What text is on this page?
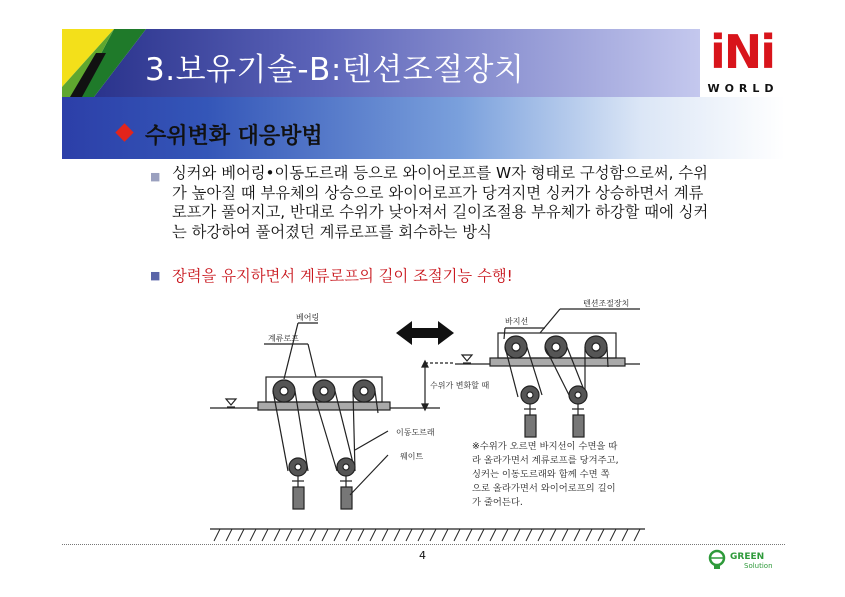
3.보유기술-B:텐션조절장치	iNi
WORLD
수위변화 대응방법
■ 싱커와 베어링•이동도르래 등으로 와이어로프를 W자 형태로 구성함으로써, 수위가 높아질 때 부유체의 상승으로 와이어로프가 당겨지면 싱커가 상승하면서 계류로프가 풀어지고, 반대로 수위가 낮아져서 길이조절용 부유체가 하강할 때에 싱커는 하강하여 풀어졌던 계류로프를 회수하는 방식
■ 장력을 유지하면서 계류로프의 길이 조절기능 수행!
베어링
계류로프
수위가 변화할 때
이동도르래
웨이트
바지선
텐션조절장치
※수위가 오르면 바지선이 수면을 따
라 올라가면서 계류로프를 당겨주고,
싱커는 이동도르래와 함께 수면 쪽
으로 올라가면서 와이어로프의 길이
가 줄어든다.
4	GREEN
Solution
